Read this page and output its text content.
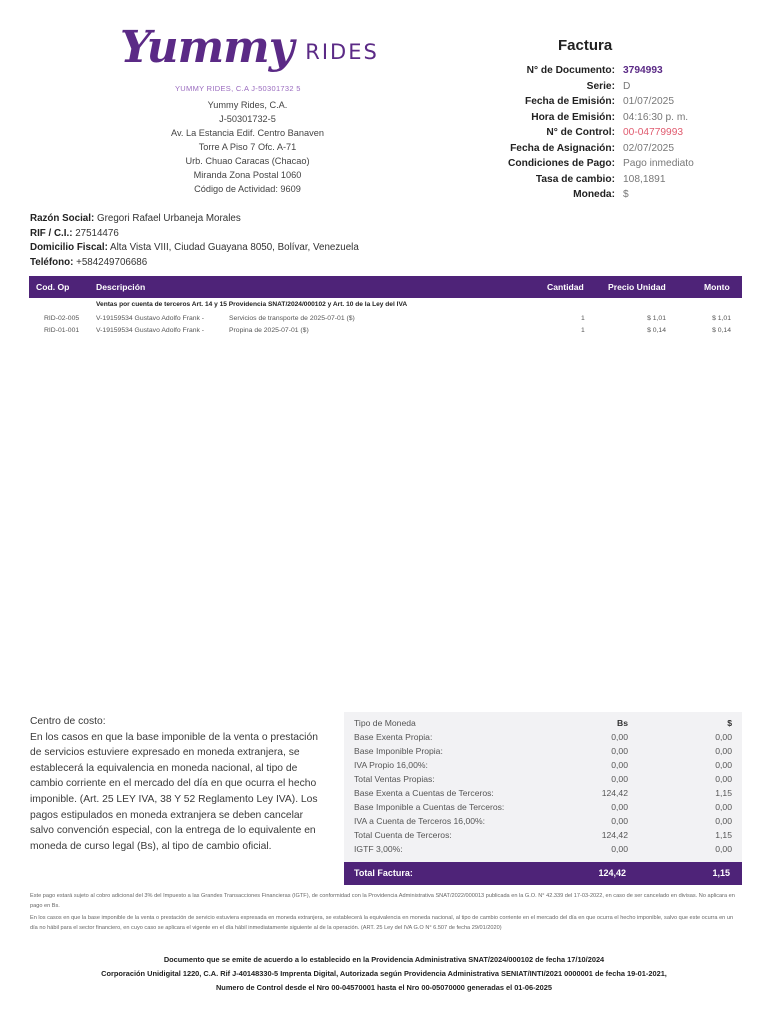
Yummy RIDES
YUMMY RIDES, C.A J-50301732 5
Yummy Rides, C.A.
J-50301732-5
Av. La Estancia Edif. Centro Banaven
Torre A Piso 7 Ofc. A-71
Urb. Chuao Caracas (Chacao)
Miranda Zona Postal 1060
Código de Actividad: 9609
Factura
N° de Documento: 3794993
Serie: D
Fecha de Emisión: 01/07/2025
Hora de Emisión: 04:16:30 p. m.
N° de Control: 00-04779993
Fecha de Asignación: 02/07/2025
Condiciones de Pago: Pago inmediato
Tasa de cambio: 108,1891
Moneda: $
Razón Social: Gregori Rafael Urbaneja Morales
RIF / C.I.: 27514476
Domicilio Fiscal: Alta Vista VIII, Ciudad Guayana 8050, Bolívar, Venezuela
Teléfono: +584249706686
Cod. Op	Descripción	Cantidad	Precio Unidad	Monto
Ventas por cuenta de terceros Art. 14 y 15 Providencia SNAT/2024/000102 y Art. 10 de la Ley del IVA
RID-02-005 V-19159534 Gustavo Adolfo Frank -	Servicios de transporte de 2025-07-01 ($)	1	$ 1,01	$ 1,01
RID-01-001 V-19159534 Gustavo Adolfo Frank -	Propina de 2025-07-01 ($)	1	$ 0,14	$ 0,14
Centro de costo:
En los casos en que la base imponible de la venta o prestación de servicios estuviere expresado en moneda extranjera, se establecerá la equivalencia en moneda nacional, al tipo de cambio corriente en el mercado del día en que ocurra el hecho imponible. (Art. 25 LEY IVA, 38 Y 52 Reglamento Ley IVA). Los pagos estipulados en moneda extranjera se deben cancelar salvo convención especial, con la entrega de lo equivalente en moneda de curso legal (Bs), al tipo de cambio oficial.
Tipo de Moneda	Bs	$
Base Exenta Propia:	0,00	0,00
Base Imponible Propia:	0,00	0,00
IVA Propio 16,00%:	0,00	0,00
Total Ventas Propias:	0,00	0,00
Base Exenta a Cuentas de Terceros:	124,42	1,15
Base Imponible a Cuentas de Terceros:	0,00	0,00
IVA a Cuenta de Terceros 16,00%:	0,00	0,00
Total Cuenta de Terceros:	124,42	1,15
IGTF 3,00%:	0,00	0,00
Total Factura:	124,42	1,15
Este pago estará sujeto al cobro adicional del 3% del Impuesto a las Grandes Transacciones Financieras (IGTF), de conformidad con la Providencia Administrativa SNAT/2022/000013 publicada en la G.O. N° 42.339 del 17-03-2022, en caso de ser cancelado en divisas. No aplicara en pago en Bs.
En los casos en que la base imponible de la venta o prestación de servicio estuviera expresada en moneda extranjera, se establecerá la equivalencia en moneda nacional, al tipo de cambio corriente en el mercado del día en que ocurra el hecho imponible, salvo que este ocurra en un día no hábil para el sector financiero, en cuyo caso se aplicara el vigente en el día hábil inmediatamente siguiente al de la operación. (ART. 25 Ley del IVA G.O N° 6.507 de fecha 29/01/2020)
Documento que se emite de acuerdo a lo establecido en la Providencia Administrativa SNAT/2024/000102 de fecha 17/10/2024
Corporación Unidigital 1220, C.A. Rif J-40148330-5 Imprenta Digital, Autorizada según Providencia Administrativa SENIAT/INTI/2021 0000001 de fecha 19-01-2021,
Numero de Control desde el Nro 00-04570001 hasta el Nro 00-05070000 generadas el 01-06-2025
